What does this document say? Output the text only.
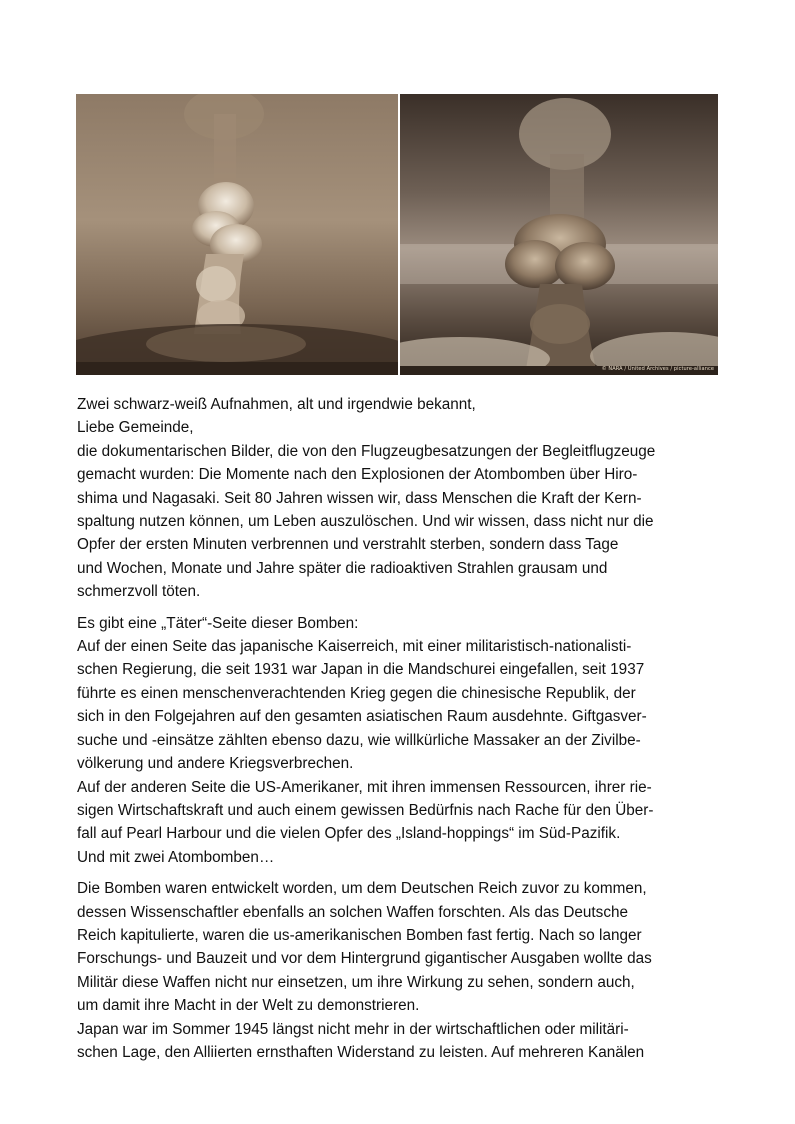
© NARA / United Archives / picture-alliance
Zwei schwarz-weiß Aufnahmen, alt und irgendwie bekannt,
Liebe Gemeinde,
die dokumentarischen Bilder, die von den Flugzeugbesatzungen der Begleitflugzeuge
gemacht wurden: Die Momente nach den Explosionen der Atombomben über Hiro-
shima und Nagasaki. Seit 80 Jahren wissen wir, dass Menschen die Kraft der Kern-
spaltung nutzen können, um Leben auszulöschen. Und wir wissen, dass nicht nur die
Opfer der ersten Minuten verbrennen und verstrahlt sterben, sondern dass Tage
und Wochen, Monate und Jahre später die radioaktiven Strahlen grausam und
schmerzvoll töten.
Es gibt eine „Täter“-Seite dieser Bomben:
Auf der einen Seite das japanische Kaiserreich, mit einer militaristisch-nationalisti-
schen Regierung, die seit 1931 war Japan in die Mandschurei eingefallen, seit 1937
führte es einen menschenverachtenden Krieg gegen die chinesische Republik, der
sich in den Folgejahren auf den gesamten asiatischen Raum ausdehnte. Giftgasver-
suche und -einsätze zählten ebenso dazu, wie willkürliche Massaker an der Zivilbe-
völkerung und andere Kriegsverbrechen.
Auf der anderen Seite die US-Amerikaner, mit ihren immensen Ressourcen, ihrer rie-
sigen Wirtschaftskraft und auch einem gewissen Bedürfnis nach Rache für den Über-
fall auf Pearl Harbour und die vielen Opfer des „Island-hoppings“ im Süd-Pazifik.
Und mit zwei Atombomben…
Die Bomben waren entwickelt worden, um dem Deutschen Reich zuvor zu kommen,
dessen Wissenschaftler ebenfalls an solchen Waffen forschten. Als das Deutsche
Reich kapitulierte, waren die us-amerikanischen Bomben fast fertig. Nach so langer
Forschungs- und Bauzeit und vor dem Hintergrund gigantischer Ausgaben wollte das
Militär diese Waffen nicht nur einsetzen, um ihre Wirkung zu sehen, sondern auch,
um damit ihre Macht in der Welt zu demonstrieren.
Japan war im Sommer 1945 längst nicht mehr in der wirtschaftlichen oder militäri-
schen Lage, den Alliierten ernsthaften Widerstand zu leisten. Auf mehreren Kanälen
